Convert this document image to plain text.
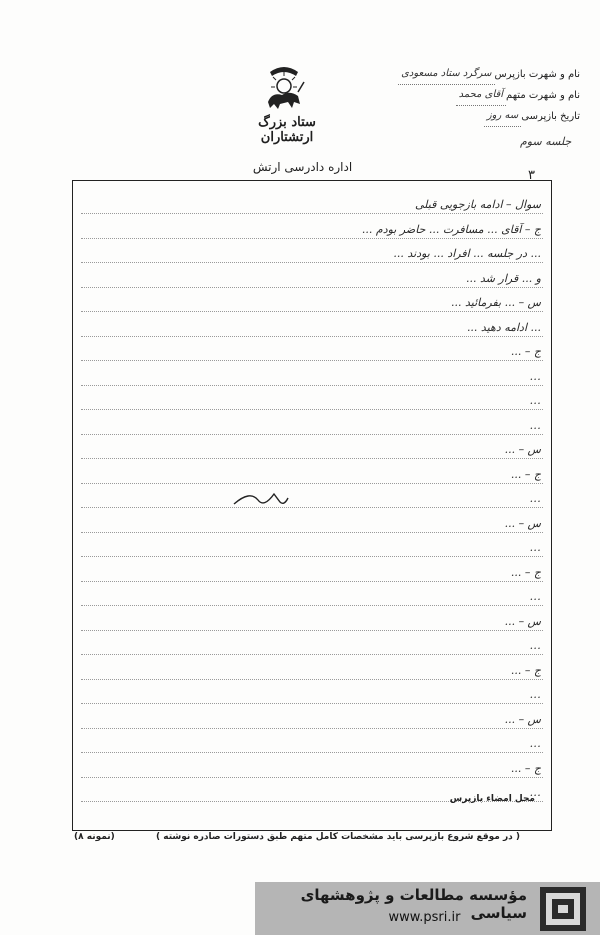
ستاد بزرگ ارتشتاران
اداره دادرسی ارتش
۳
نام و شهرت بازپرس
سرگرد ستاد مسعودی
نام و شهرت متهم
آقای محمد
تاریخ بازپرسی
سه روز
جلسه سوم
سوال – ادامه بازجویی قبلی
ج – آقای ... مسافرت ... حاضر بودم ...
... در جلسه ... افراد ... بودند ...
و ... قرار شد ...
س – ... بفرمائید ...
... ادامه دهید ...
ج – ...
...
...
...
س – ...
ج – ...
...
س – ...
...
ج – ...
...
س – ...
...
ج – ...
...
س – ...
...
ج – ...
...
محل امضاء بازپرس
( در موقع شروع بازپرسی باید مشخصات کامل متهم طبق دستورات صادره نوشته )
(نمونه ۸)
مؤسسه مطالعات و پژوهشهای سیاسی
www.psri.ir
